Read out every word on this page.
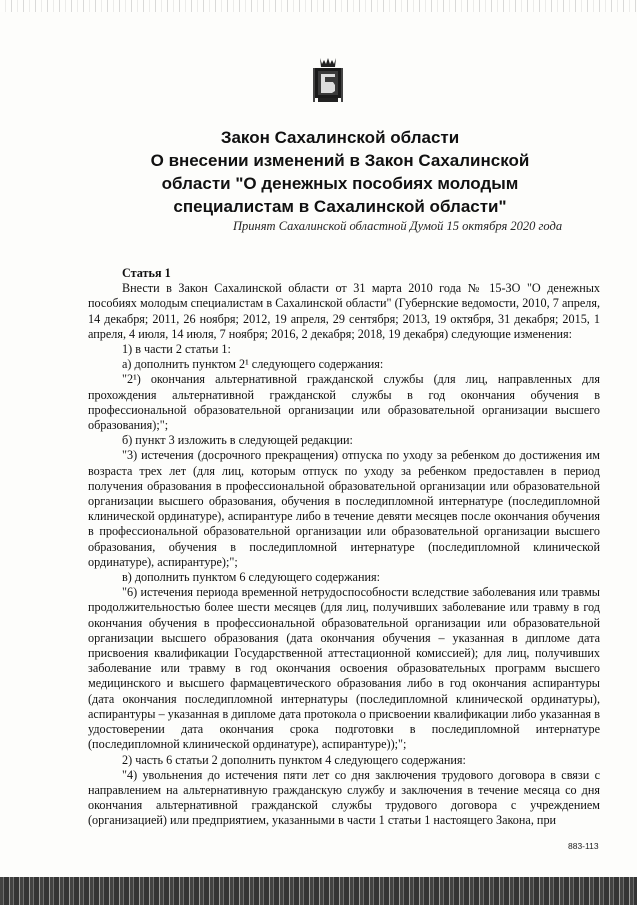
Закон Сахалинской области
О внесении изменений в Закон Сахалинской
области "О денежных пособиях молодым
специалистам в Сахалинской области"
Принят Сахалинской областной Думой 15 октября 2020 года

Статья 1

Внести в Закон Сахалинской области от 31 марта 2010 года № 15-ЗО "О денежных пособиях молодым специалистам в Сахалинской области" (Губернские ведомости, 2010, 7 апреля, 14 декабря; 2011, 26 ноября; 2012, 19 апреля, 29 сентября; 2013, 19 октября, 31 декабря; 2015, 1 апреля, 4 июля, 14 июля, 7 ноября; 2016, 2 декабря; 2018, 19 декабря) следующие изменения:

1) в части 2 статьи 1:

а) дополнить пунктом 2¹ следующего содержания:

"2¹) окончания альтернативной гражданской службы (для лиц, направленных для прохождения альтернативной гражданской службы в год окончания обучения в профессиональной образовательной организации или образовательной организации высшего образования);";

б) пункт 3 изложить в следующей редакции:

"3) истечения (досрочного прекращения) отпуска по уходу за ребенком до достижения им возраста трех лет (для лиц, которым отпуск по уходу за ребенком предоставлен в период получения образования в профессиональной образовательной организации или образовательной организации высшего образования, обучения в последипломной интернатуре (последипломной клинической ординатуре), аспирантуре либо в течение девяти месяцев после окончания обучения в профессиональной образовательной организации или образовательной организации высшего образования, обучения в последипломной интернатуре (последипломной клинической ординатуре), аспирантуре);";

в) дополнить пунктом 6 следующего содержания:

"6) истечения периода временной нетрудоспособности вследствие заболевания или травмы продолжительностью более шести месяцев (для лиц, получивших заболевание или травму в год окончания обучения в профессиональной образовательной организации или образовательной организации высшего образования (дата окончания обучения – указанная в дипломе дата присвоения квалификации Государственной аттестационной комиссией); для лиц, получивших заболевание или травму в год окончания освоения образовательных программ высшего медицинского и высшего фармацевтического образования либо в год окончания аспирантуры (дата окончания последипломной интернатуры (последипломной клинической ординатуры), аспирантуры – указанная в дипломе дата протокола о присвоении квалификации либо указанная в удостоверении дата окончания срока подготовки в последипломной интернатуре (последипломной клинической ординатуре), аспирантуре));";

2) часть 6 статьи 2 дополнить пунктом 4 следующего содержания:

"4) увольнения до истечения пяти лет со дня заключения трудового договора в связи с направлением на альтернативную гражданскую службу и заключения в течение месяца со дня окончания альтернативной гражданской службы трудового договора с учреждением (организацией) или предприятием, указанными в части 1 статьи 1 настоящего Закона, при

883-113
